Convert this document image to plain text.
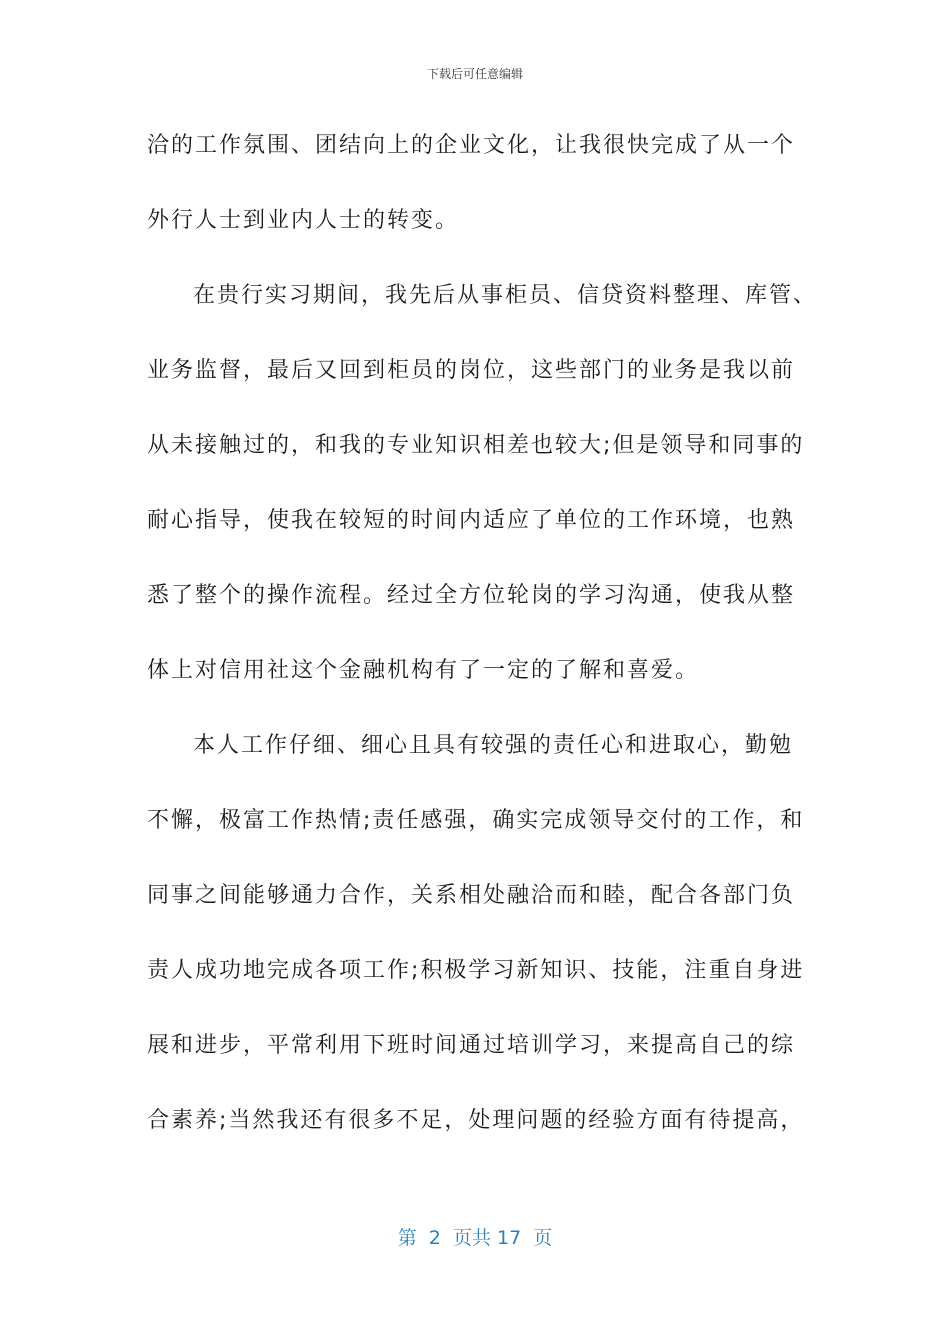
下载后可任意编辑
洽的工作氛围、团结向上的企业文化，让我很快完成了从一个
外行人士到业内人士的转变。
在贵行实习期间，我先后从事柜员、信贷资料整理、库管、
业务监督，最后又回到柜员的岗位，这些部门的业务是我以前
从未接触过的，和我的专业知识相差也较大;但是领导和同事的
耐心指导，使我在较短的时间内适应了单位的工作环境，也熟
悉了整个的操作流程。经过全方位轮岗的学习沟通，使我从整
体上对信用社这个金融机构有了一定的了解和喜爱。
本人工作仔细、细心且具有较强的责任心和进取心，勤勉
不懈，极富工作热情;责任感强，确实完成领导交付的工作，和
同事之间能够通力合作，关系相处融洽而和睦，配合各部门负
责人成功地完成各项工作;积极学习新知识、技能，注重自身进
展和进步，平常利用下班时间通过培训学习，来提高自己的综
合素养;当然我还有很多不足，处理问题的经验方面有待提高，
第  2  页共 17  页
